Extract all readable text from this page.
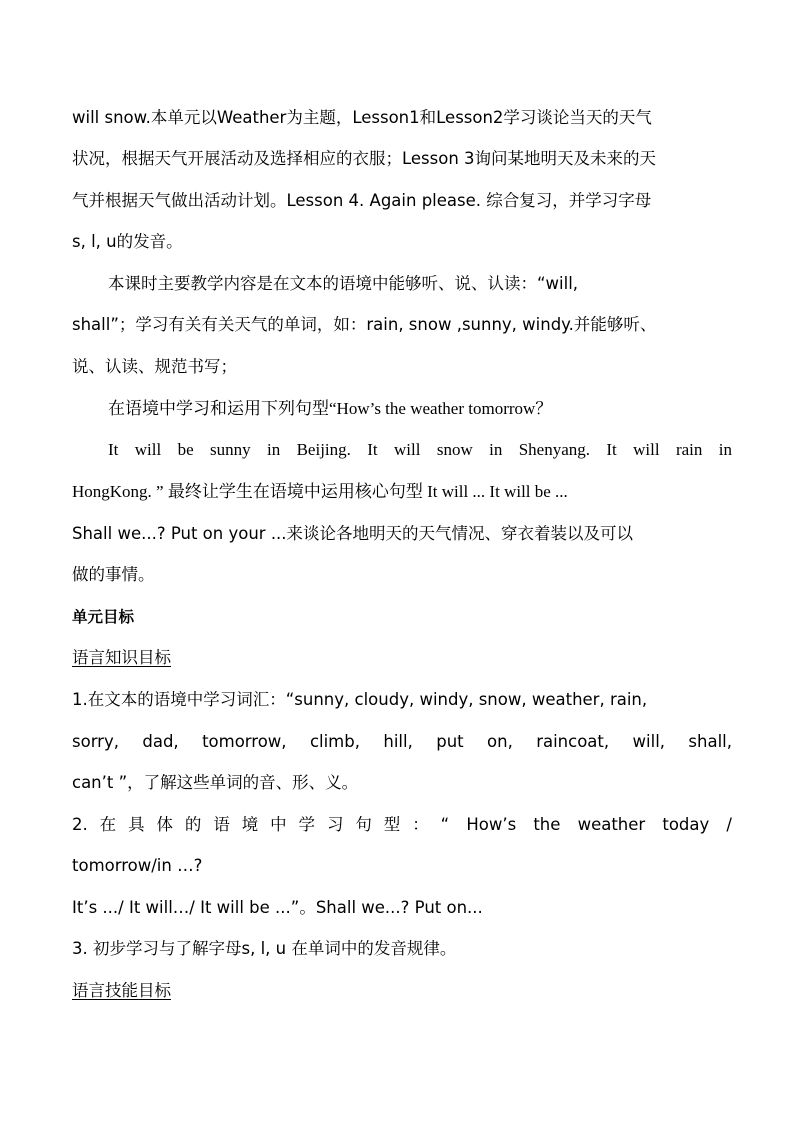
will snow.本单元以Weather为主题，Lesson1和Lesson2学习谈论当天的天气
状况，根据天气开展活动及选择相应的衣服；Lesson 3询问某地明天及未来的天
气并根据天气做出活动计划。Lesson 4. Again please. 综合复习，并学习字母
s, l, u的发音。
本课时主要教学内容是在文本的语境中能够听、说、认读：“will,
shall”；学习有关有关天气的单词，如：rain, snow ,sunny, windy.并能够听、
说、认读、规范书写；
在语境中学习和运用下列句型“How’s the weather tomorrow？
It will be sunny in Beijing. It will snow in Shenyang. It will rain in
HongKong. ” 最终让学生在语境中运用核心句型 It will ... It will be ...
Shall we...? Put on your ...来谈论各地明天的天气情况、穿衣着装以及可以
做的事情。
单元目标
语言知识目标
1.在文本的语境中学习词汇：“sunny, cloudy, windy, snow, weather, rain,
sorry, dad, tomorrow, climb, hill, put on, raincoat, will, shall,
can’t ”，了解这些单词的音、形、义。
2.在具体的语境中学习句型：“ How’s the weather today /
tomorrow/in …?
It’s .../ It will…/ It will be ...”。Shall we...? Put on...
3. 初步学习与了解字母s, l, u 在单词中的发音规律。
语言技能目标
